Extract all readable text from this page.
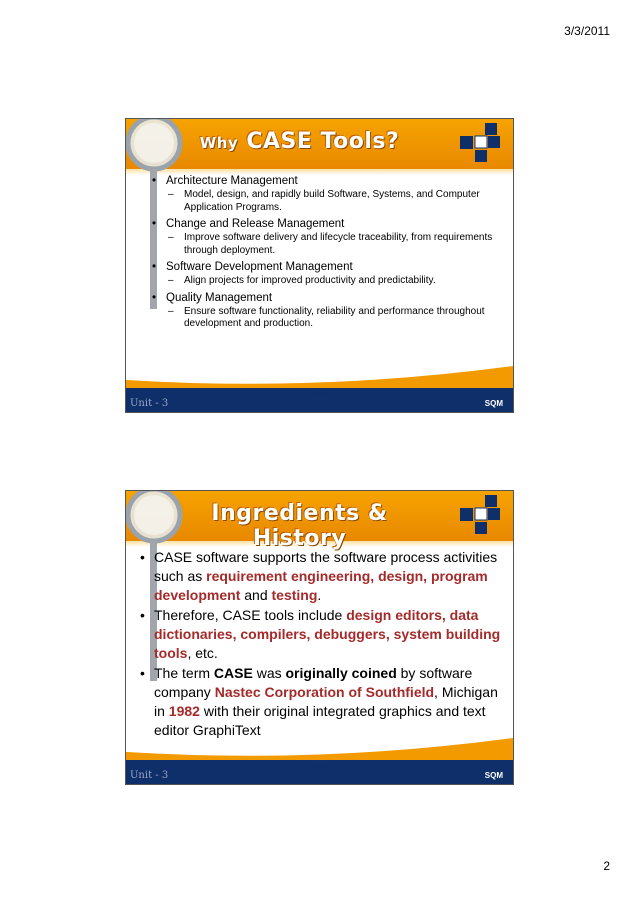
3/3/2011
Why CASE Tools?
• Architecture Management
– Model, design, and rapidly build Software, Systems, and Computer Application Programs.
• Change and Release Management
– Improve software delivery and lifecycle traceability, from requirements through deployment.
• Software Development Management
– Align projects for improved productivity and predictability.
• Quality Management
– Ensure software functionality, reliability and performance throughout development and production.
Unit - 3	SQM
GRAA
Ingredients & History
• CASE software supports the software process activities such as requirement engineering, design, program development and testing.
• Therefore, CASE tools include design editors, data dictionaries, compilers, debuggers, system building tools, etc.
• The term CASE was originally coined by software company Nastec Corporation of Southfield, Michigan in 1982 with their original integrated graphics and text editor GraphiText
Unit - 3	SQM
GRAA
2
